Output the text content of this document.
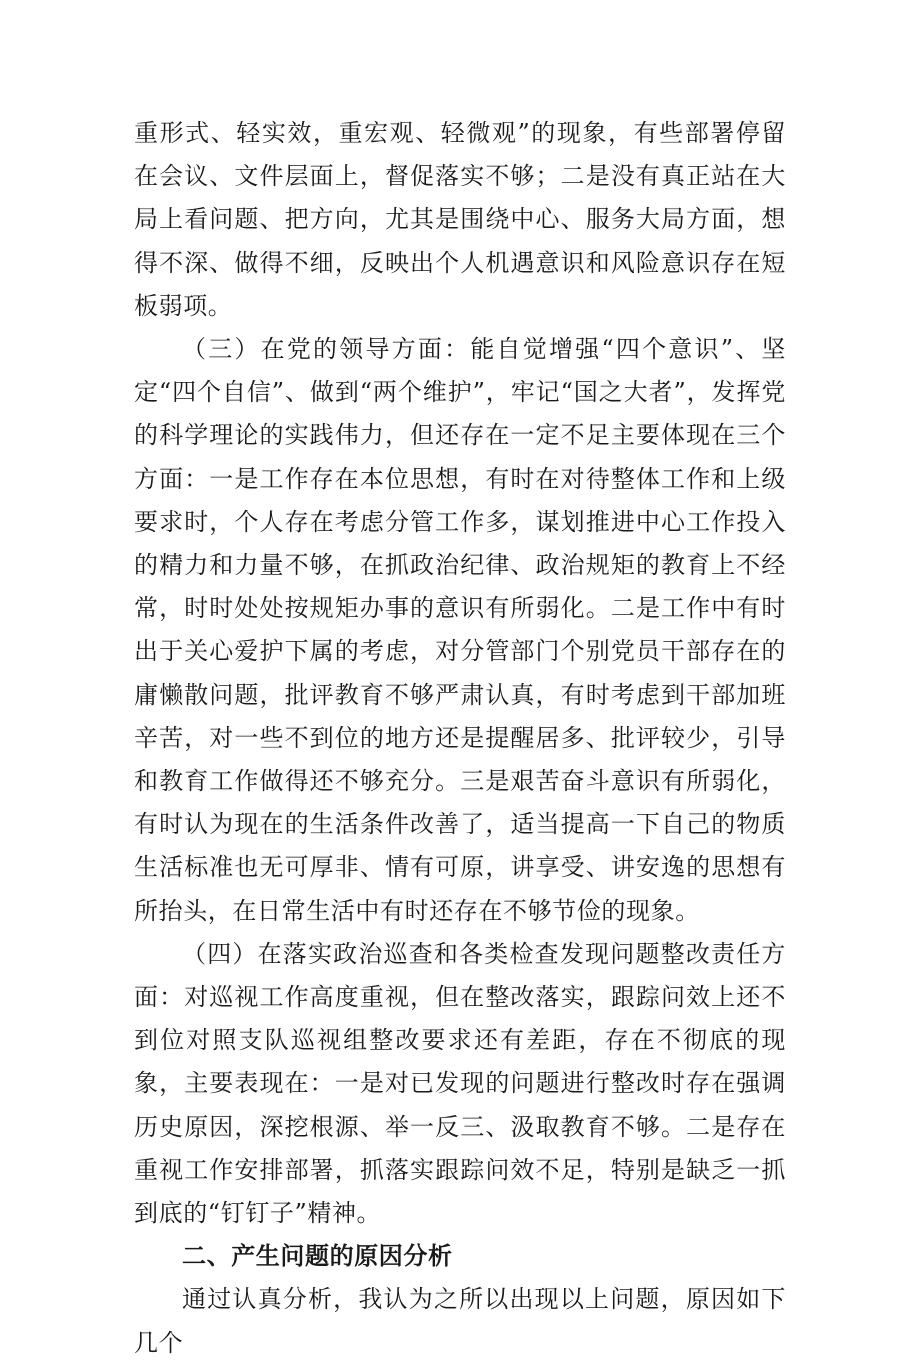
重形式、轻实效，重宏观、轻微观”的现象，有些部署停留在会议、文件层面上，督促落实不够；二是没有真正站在大局上看问题、把方向，尤其是围绕中心、服务大局方面，想得不深、做得不细，反映出个人机遇意识和风险意识存在短板弱项。

（三）在党的领导方面：能自觉增强“四个意识”、坚定“四个自信”、做到“两个维护”，牢记“国之大者”，发挥党的科学理论的实践伟力，但还存在一定不足主要体现在三个方面：一是工作存在本位思想，有时在对待整体工作和上级要求时，个人存在考虑分管工作多，谋划推进中心工作投入的精力和力量不够，在抓政治纪律、政治规矩的教育上不经常，时时处处按规矩办事的意识有所弱化。二是工作中有时出于关心爱护下属的考虑，对分管部门个别党员干部存在的庸懒散问题，批评教育不够严肃认真，有时考虑到干部加班辛苦，对一些不到位的地方还是提醒居多、批评较少，引导和教育工作做得还不够充分。三是艰苦奋斗意识有所弱化，有时认为现在的生活条件改善了，适当提高一下自己的物质生活标准也无可厚非、情有可原，讲享受、讲安逸的思想有所抬头，在日常生活中有时还存在不够节俭的现象。

（四）在落实政治巡查和各类检查发现问题整改责任方面：对巡视工作高度重视，但在整改落实，跟踪问效上还不到位对照支队巡视组整改要求还有差距，存在不彻底的现象，主要表现在：一是对已发现的问题进行整改时存在强调历史原因，深挖根源、举一反三、汲取教育不够。二是存在重视工作安排部署，抓落实跟踪问效不足，特别是缺乏一抓到底的“钉钉子”精神。

二、产生问题的原因分析

通过认真分析，我认为之所以出现以上问题，原因如下几个
